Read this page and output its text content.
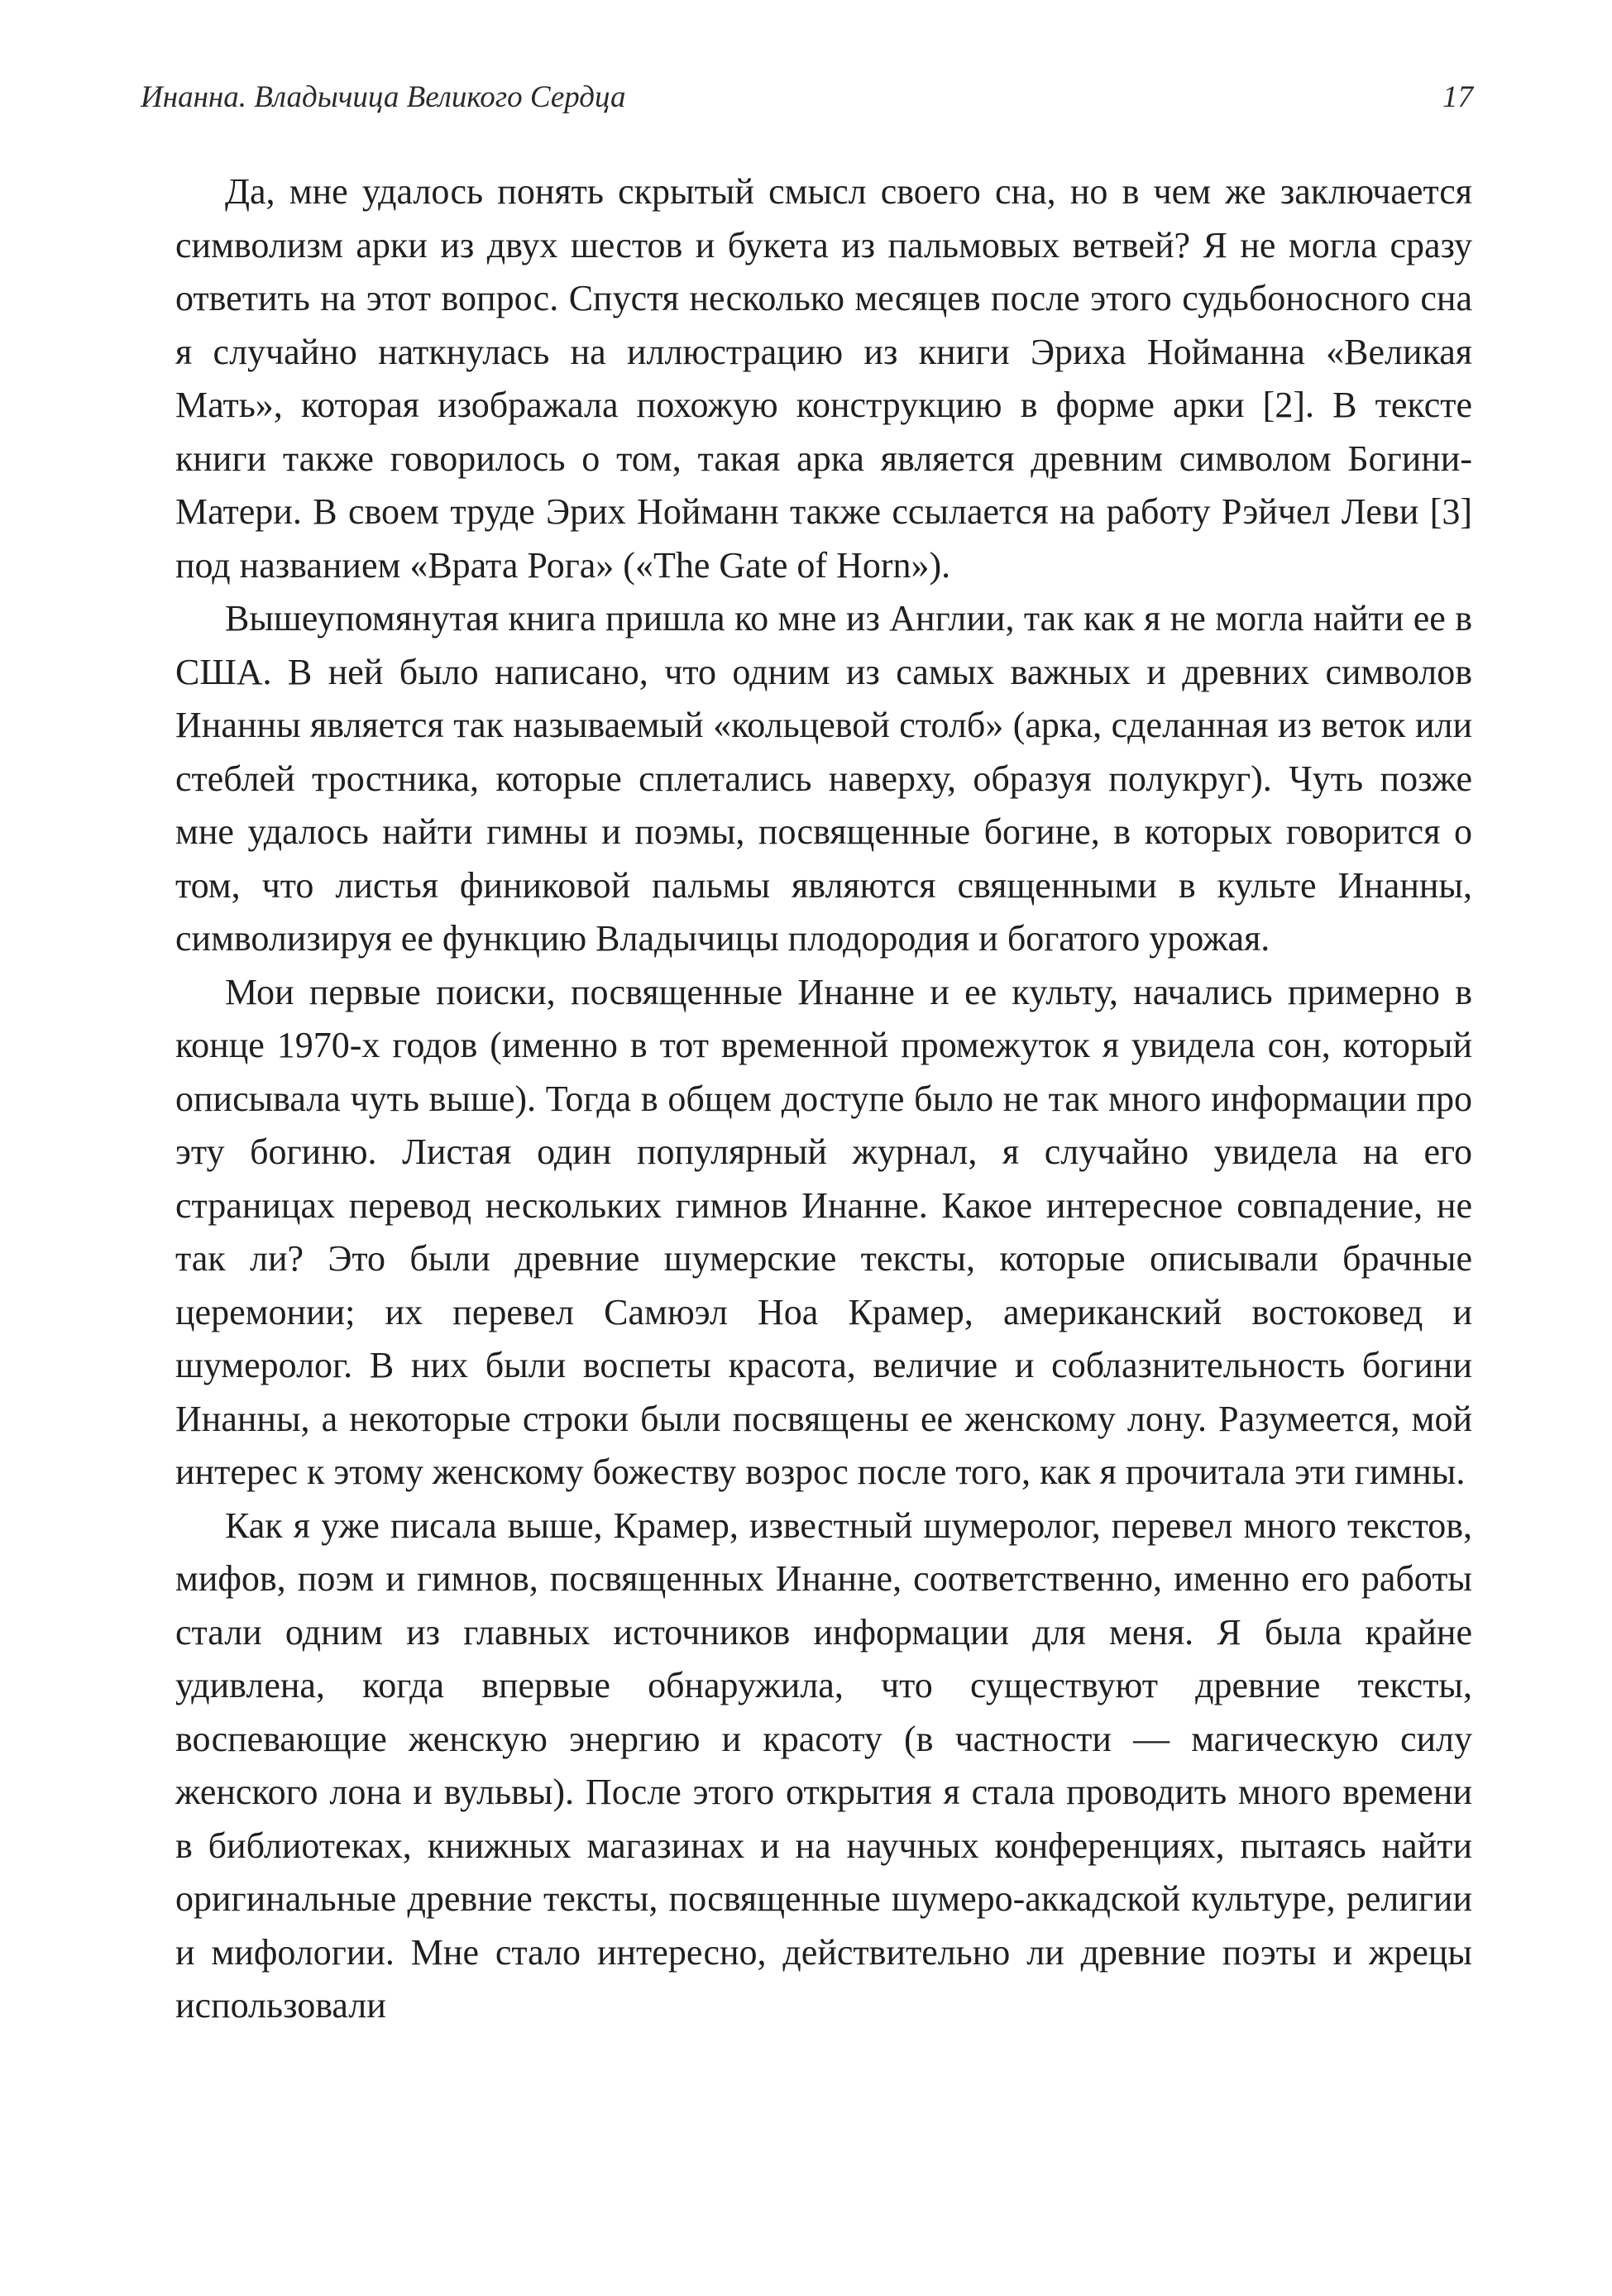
Инанна. Владычица Великого Сердца	17

Да, мне удалось понять скрытый смысл своего сна, но в чем же заключается символизм арки из двух шестов и букета из пальмовых ветвей? Я не могла сразу ответить на этот вопрос. Спустя несколько месяцев после этого судьбоносного сна я случайно наткнулась на иллюстрацию из книги Эриха Нойманна «Великая Мать», которая изображала похожую конструкцию в форме арки [2]. В тексте книги также говорилось о том, такая арка является древним символом Богини-Матери. В своем труде Эрих Нойманн также ссылается на работу Рэйчел Леви [3] под названием «Врата Рога» («The Gate of Horn»).

Вышеупомянутая книга пришла ко мне из Англии, так как я не могла найти ее в США. В ней было написано, что одним из самых важных и древних символов Инанны является так называемый «кольцевой столб» (арка, сделанная из веток или стеблей тростника, которые сплетались наверху, образуя полукруг). Чуть позже мне удалось найти гимны и поэмы, посвященные богине, в которых говорится о том, что листья финиковой пальмы являются священными в культе Инанны, символизируя ее функцию Владычицы плодородия и богатого урожая.

Мои первые поиски, посвященные Инанне и ее культу, начались примерно в конце 1970-х годов (именно в тот временной промежуток я увидела сон, который описывала чуть выше). Тогда в общем доступе было не так много информации про эту богиню. Листая один популярный журнал, я случайно увидела на его страницах перевод нескольких гимнов Инанне. Какое интересное совпадение, не так ли? Это были древние шумерские тексты, которые описывали брачные церемонии; их перевел Самюэл Ноа Крамер, американский востоковед и шумеролог. В них были воспеты красота, величие и соблазнительность богини Инанны, а некоторые строки были посвящены ее женскому лону. Разумеется, мой интерес к этому женскому божеству возрос после того, как я прочитала эти гимны.

Как я уже писала выше, Крамер, известный шумеролог, перевел много текстов, мифов, поэм и гимнов, посвященных Инанне, соответственно, именно его работы стали одним из главных источников информации для меня. Я была крайне удивлена, когда впервые обнаружила, что существуют древние тексты, воспевающие женскую энергию и красоту (в частности — магическую силу женского лона и вульвы). После этого открытия я стала проводить много времени в библиотеках, книжных магазинах и на научных конференциях, пытаясь найти оригинальные древние тексты, посвященные шумеро-аккадской культуре, религии и мифологии. Мне стало интересно, действительно ли древние поэты и жрецы использовали
